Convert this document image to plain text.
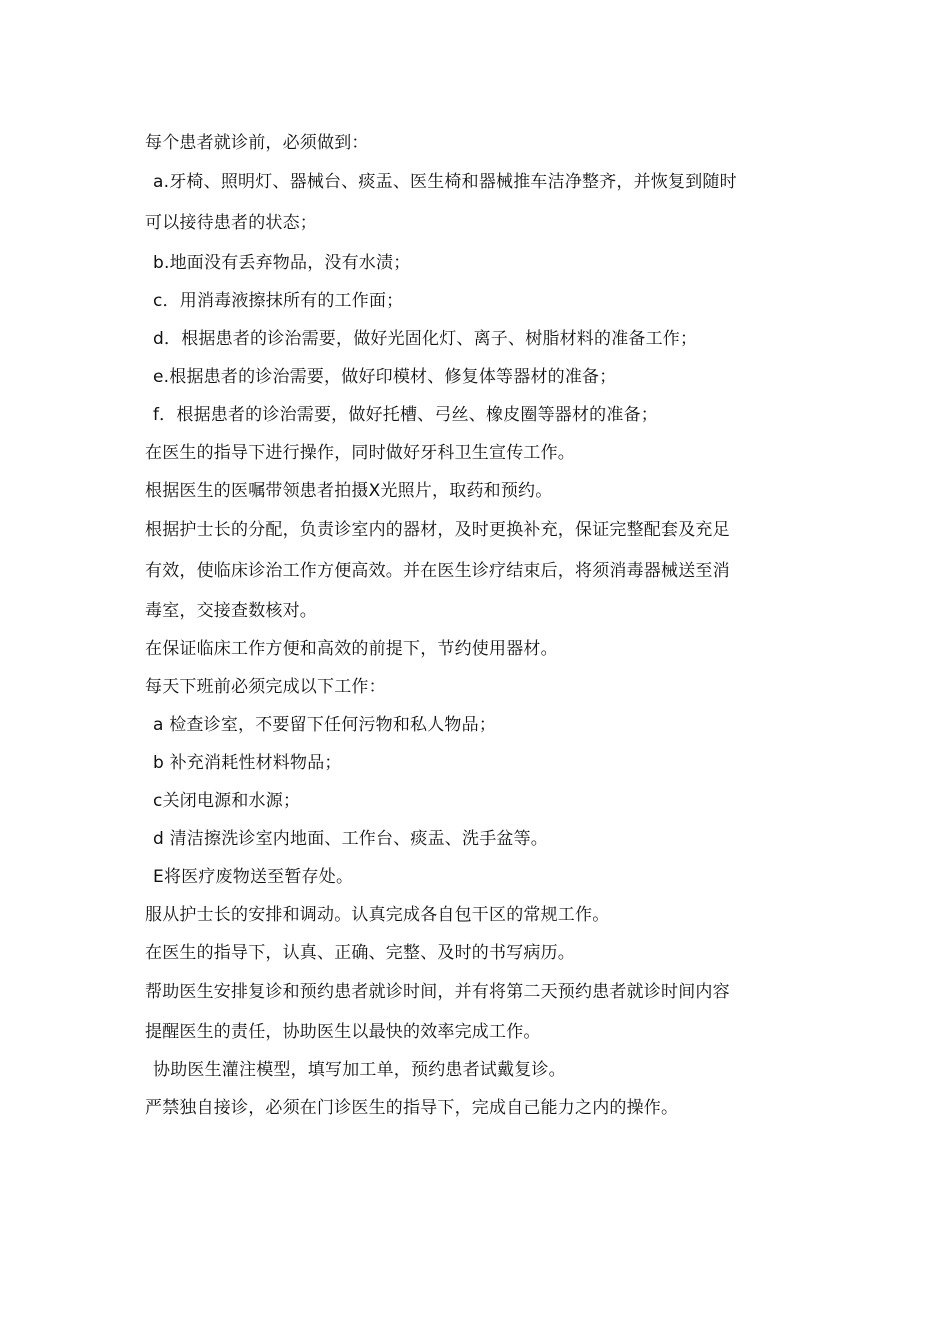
每个患者就诊前，必须做到：
a.牙椅、照明灯、器械台、痰盂、医生椅和器械推车洁净整齐，并恢复到随时
可以接待患者的状态；
b.地面没有丢弃物品，没有水渍；
c．用消毒液擦抹所有的工作面；
d．根据患者的诊治需要，做好光固化灯、离子、树脂材料的准备工作；
e.根据患者的诊治需要，做好印模材、修复体等器材的准备；
f．根据患者的诊治需要，做好托槽、弓丝、橡皮圈等器材的准备；
在医生的指导下进行操作，同时做好牙科卫生宣传工作。
根据医生的医嘱带领患者拍摄Ⅹ光照片，取药和预约。
根据护士长的分配，负责诊室内的器材，及时更换补充，保证完整配套及充足
有效，使临床诊治工作方便高效。并在医生诊疗结束后，将须消毒器械送至消
毒室，交接查数核对。
在保证临床工作方便和高效的前提下，节约使用器材。
每天下班前必须完成以下工作：
a 检查诊室，不要留下任何污物和私人物品；
b 补充消耗性材料物品；
c关闭电源和水源；
d 清洁擦洗诊室内地面、工作台、痰盂、洗手盆等。
E将医疗废物送至暂存处。
服从护士长的安排和调动。认真完成各自包干区的常规工作。
在医生的指导下，认真、正确、完整、及时的书写病历。
帮助医生安排复诊和预约患者就诊时间，并有将第二天预约患者就诊时间内容
提醒医生的责任，协助医生以最快的效率完成工作。
协助医生灌注模型，填写加工单，预约患者试戴复诊。
严禁独自接诊，必须在门诊医生的指导下，完成自己能力之内的操作。
